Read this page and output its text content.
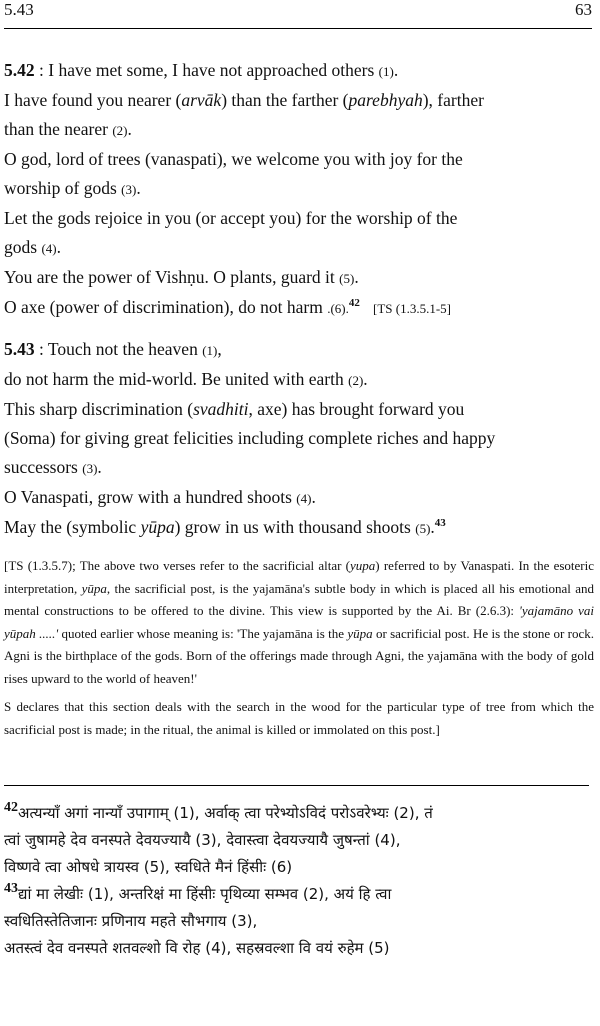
5.43	63

5.42 : I have met some, I have not approached others (1).

I have found you nearer (arvāk) than the farther (parebhyah), farther

than the nearer (2).

O god, lord of trees (vanaspati), we welcome you with joy for the

worship of gods (3).

Let the gods rejoice in you (or accept you) for the worship of the

gods (4).

You are the power of Vishṇu. O plants, guard it (5).

O axe (power of discrimination), do not harm .(6).$^{42}$ [TS (1.3.5.1-5]

5.43 : Touch not the heaven (1),

do not harm the mid-world. Be united with earth (2).

This sharp discrimination (svadhiti, axe) has brought forward you

(Soma) for giving great felicities including complete riches and happy

successors (3).

O Vanaspati, grow with a hundred shoots (4).

May the (symbolic yūpa) grow in us with thousand shoots (5).$^{43}$

[TS (1.3.5.7); The above two verses refer to the sacrificial altar (yupa) referred to by Vanaspati. In the esoteric interpretation, yūpa, the sacrificial post, is the yajamāna's subtle body in which is placed all his emotional and mental constructions to be offered to the divine. This view is supported by the Ai. Br (2.6.3): 'yajamāno vai yūpah .....' quoted earlier whose meaning is: 'The yajamāna is the yūpa or sacrificial post. He is the stone or rock. Agni is the birthplace of the gods. Born of the offerings made through Agni, the yajamāna with the body of gold rises upward to the world of heaven!'

S declares that this section deals with the search in the wood for the particular type of tree from which the sacrificial post is made; in the ritual, the animal is killed or immolated on this post.]

$^{42}$अत्यन्याँ अगां नान्याँ उपागाम् (1), अर्वाक् त्वा परेभ्योऽविदं परोऽवरेभ्यः (2), तं

त्वां जुषामहे देव वनस्पते देवयज्यायै (3), देवास्त्वा देवयज्यायै जुषन्तां (4),

विष्णवे त्वा ओषधे त्रायस्व (5), स्वधिते मैनं हिंसीः (6)

$^{43}$द्यां मा लेखीः (1), अन्तरिक्षं मा हिंसीः पृथिव्या सम्भव (2), अयं हि त्वा

स्वधितिस्तेतिजानः प्रणिनाय महते सौभगाय (3),

अतस्त्वं देव वनस्पते शतवल्शो वि रोह (4), सहस्रवल्शा वि वयं रुहेम (5)
